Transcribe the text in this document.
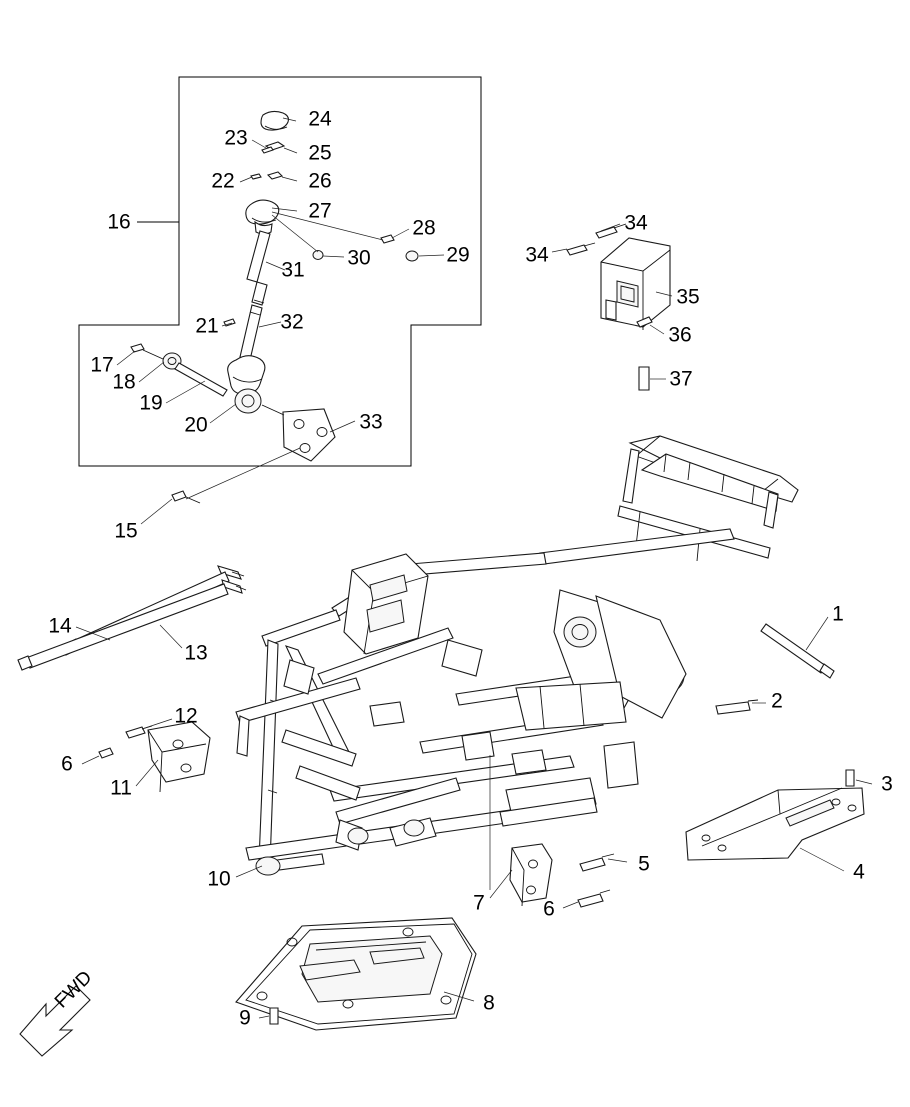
1
2
3
4
5
6
6
7
8
9
10
11
12
13
14
15
16
17
18
19
20
21
22
23
24
25
26
27
28
29
30
31
32
33
34
34
35
36
37
FWD
